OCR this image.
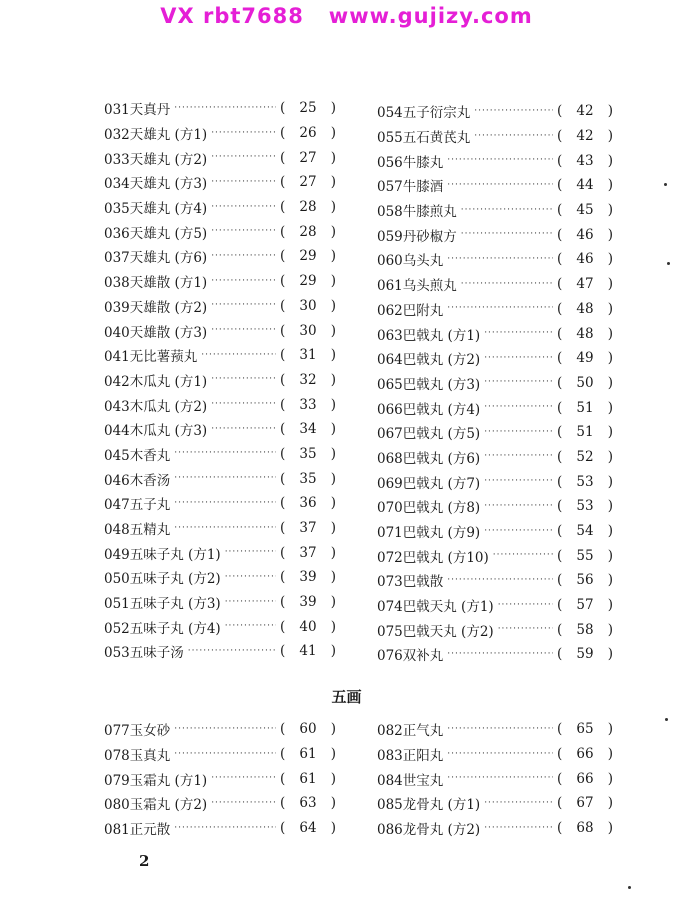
VX rbt7688   www.gujizy.com
031天真丹 ·····	( 25 )
032天雄丸 (方1) ·····	( 26 )
033天雄丸 (方2) ·····	( 27 )
034天雄丸 (方3) ·····	( 27 )
035天雄丸 (方4) ·····	( 28 )
036天雄丸 (方5) ·····	( 28 )
037天雄丸 (方6) ·····	( 29 )
038天雄散 (方1) ·····	( 29 )
039天雄散 (方2) ·····	( 30 )
040天雄散 (方3) ·····	( 30 )
041无比薯蓣丸 ·····	( 31 )
042木瓜丸 (方1) ·····	( 32 )
043木瓜丸 (方2) ·····	( 33 )
044木瓜丸 (方3) ·····	( 34 )
045木香丸 ·····	( 35 )
046木香汤 ·····	( 35 )
047五子丸 ·····	( 36 )
048五精丸 ·····	( 37 )
049五味子丸 (方1) ·····	( 37 )
050五味子丸 (方2) ·····	( 39 )
051五味子丸 (方3) ·····	( 39 )
052五味子丸 (方4) ·····	( 40 )
053五味子汤 ·····	( 41 )
054五子衍宗丸 ·····	( 42 )
055五石黄芪丸 ·····	( 42 )
056牛膝丸 ·····	( 43 )
057牛膝酒 ·····	( 44 )
058牛膝煎丸 ·····	( 45 )
059丹砂椒方 ·····	( 46 )
060乌头丸 ·····	( 46 )
061乌头煎丸 ·····	( 47 )
062巴附丸 ·····	( 48 )
063巴戟丸 (方1) ·····	( 48 )
064巴戟丸 (方2) ·····	( 49 )
065巴戟丸 (方3) ·····	( 50 )
066巴戟丸 (方4) ·····	( 51 )
067巴戟丸 (方5) ·····	( 51 )
068巴戟丸 (方6) ·····	( 52 )
069巴戟丸 (方7) ·····	( 53 )
070巴戟丸 (方8) ·····	( 53 )
071巴戟丸 (方9) ·····	( 54 )
072巴戟丸 (方10) ·····	( 55 )
073巴戟散 ·····	( 56 )
074巴戟天丸 (方1) ·····	( 57 )
075巴戟天丸 (方2) ·····	( 58 )
076双补丸 ·····	( 59 )
五画
077玉女砂 ·····	( 60 )
078玉真丸 ·····	( 61 )
079玉霜丸 (方1) ·····	( 61 )
080玉霜丸 (方2) ·····	( 63 )
081正元散 ·····	( 64 )
082正气丸 ·····	( 65 )
083正阳丸 ·····	( 66 )
084世宝丸 ·····	( 66 )
085龙骨丸 (方1) ·····	( 67 )
086龙骨丸 (方2) ·····	( 68 )
2
